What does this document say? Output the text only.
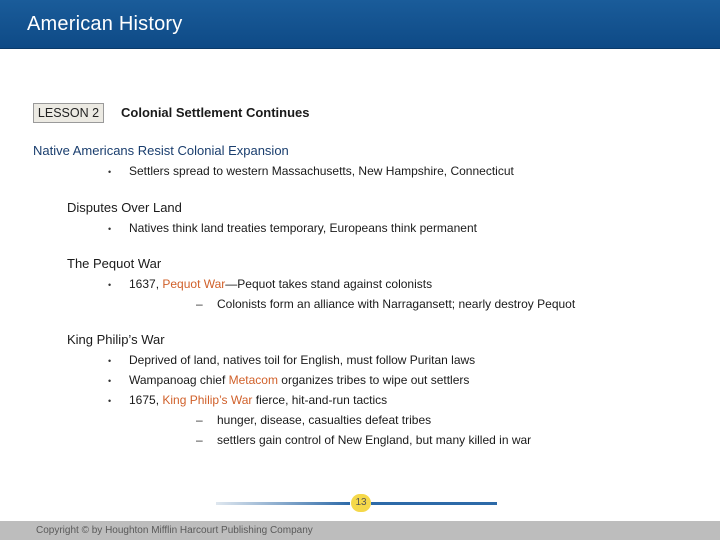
American History
LESSON 2	Colonial Settlement Continues
Native Americans Resist Colonial Expansion
• Settlers spread to western Massachusetts, New Hampshire, Connecticut
Disputes Over Land
• Natives think land treaties temporary, Europeans think permanent
The Pequot War
• 1637, Pequot War—Pequot takes stand against colonists
– Colonists form an alliance with Narragansett; nearly destroy Pequot
King Philip’s War
• Deprived of land, natives toil for English, must follow Puritan laws
• Wampanoag chief Metacom organizes tribes to wipe out settlers
• 1675, King Philip’s War fierce, hit-and-run tactics
– hunger, disease, casualties defeat tribes
– settlers gain control of New England, but many killed in war
13
Copyright © by Houghton Mifflin Harcourt Publishing Company
